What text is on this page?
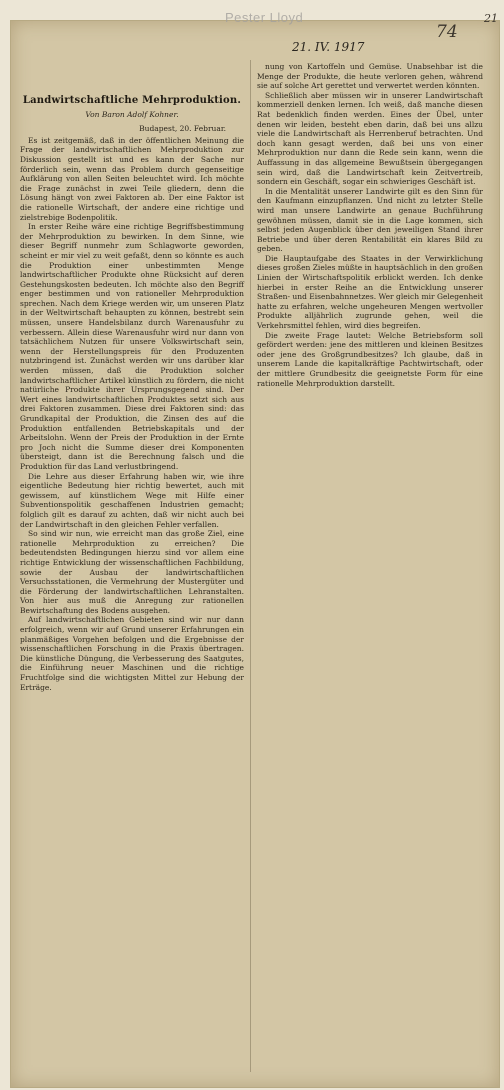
Pester Lloyd
21. IV. 1917
74
21
Landwirtschaftliche Mehrproduktion.
Von Baron Adolf Kohner.
Budapest, 20. Februar.

Es ist zeitgemäß, daß in der öffentlichen Meinung die Frage der landwirtschaftlichen Mehrproduktion zur Diskussion gestellt ist und es kann der Sache nur förderlich sein, wenn das Problem durch gegenseitige Aufklärung von allen Seiten beleuchtet wird. Ich möchte die Frage zunächst in zwei Teile gliedern, denn die Lösung hängt von zwei Faktoren ab. Der eine Faktor ist die rationelle Wirtschaft, der andere eine richtige und zielstrebige Bodenpolitik.

In erster Reihe wäre eine richtige Begriffsbestimmung der Mehrproduktion zu bewirken. In dem Sinne, wie dieser Begriff nunmehr zum Schlagworte geworden, scheint er mir viel zu weit gefaßt, denn so könnte es auch die Produktion einer unbestimmten Menge landwirtschaftlicher Produkte ohne Rücksicht auf deren Gestehungskosten bedeuten. Ich möchte also den Begriff enger bestimmen und von rationeller Mehrproduktion sprechen. Nach dem Kriege werden wir, um unseren Platz in der Weltwirtschaft behaupten zu können, bestrebt sein müssen, unsere Handelsbilanz durch Warenausfuhr zu verbessern. Allein diese Warenausfuhr wird nur dann von tatsächlichem Nutzen für unsere Volkswirtschaft sein, wenn der Herstellungspreis für den Produzenten nutzbringend ist. Zunächst werden wir uns darüber klar werden müssen, daß die Produktion solcher landwirtschaftlicher Artikel künstlich zu fördern, die nicht natürliche Produkte ihrer Ursprungsgegend sind. Der Wert eines landwirtschaftlichen Produktes setzt sich aus drei Faktoren zusammen. Diese drei Faktoren sind: das Grundkapital der Produktion, die Zinsen des auf die Produktion entfallenden Betriebskapitals und der Arbeitslohn. Wenn der Preis der Produktion in der Ernte pro Joch nicht die Summe dieser drei Komponenten übersteigt, dann ist die Berechnung falsch und die Produktion für das Land verlustbringend.

Die Lehre aus dieser Erfahrung haben wir, wie ihre eigentliche Bedeutung hier richtig bewertet, auch mit gewissem, auf künstlichem Wege mit Hilfe einer Subventionspolitik geschaffenen Industrien gemacht; folglich gilt es darauf zu achten, daß wir nicht auch bei der Landwirtschaft in den gleichen Fehler verfallen.

So sind wir nun, wie erreicht man das große Ziel, eine rationelle Mehrproduktion zu erreichen? Die bedeutendsten Bedingungen hierzu sind vor allem eine richtige Entwicklung der wissenschaftlichen Fachbildung, sowie der Ausbau der landwirtschaftlichen Versuchsstationen, die Vermehrung der Mustergüter und die Förderung der landwirtschaftlichen Lehranstalten. Von hier aus muß die Anregung zur rationellen Bewirtschaftung des Bodens ausgehen.

Auf landwirtschaftlichen Gebieten sind wir nur dann erfolgreich, wenn wir auf Grund unserer Erfahrungen ein planmäßiges Vorgehen befolgen und die Ergebnisse der wissenschaftlichen Forschung in die Praxis übertragen. Die künstliche Düngung, die Verbesserung des Saatgutes, die Einführung neuer Maschinen und die richtige Fruchtfolge sind die wichtigsten Mittel zur Hebung der Erträge.

nung von Kartoffeln und Gemüse. Unabsehbar ist die Menge der Produkte, die heute verloren gehen, während sie auf solche Art gerettet und verwertet werden könnten.

Schließlich aber müssen wir in unserer Landwirtschaft kommerziell denken lernen. Ich weiß, daß manche diesen Rat bedenklich finden werden. Eines der Übel, unter denen wir leiden, besteht eben darin, daß bei uns allzu viele die Landwirtschaft als Herrenberuf betrachten. Und doch kann gesagt werden, daß bei uns von einer Mehrproduktion nur dann die Rede sein kann, wenn die Auffassung in das allgemeine Bewußtsein übergegangen sein wird, daß die Landwirtschaft kein Zeitvertreib, sondern ein Geschäft, sogar ein schwieriges Geschäft ist.

In die Mentalität unserer Landwirte gilt es den Sinn für den Kaufmann einzupflanzen. Und nicht zu letzter Stelle wird man unsere Landwirte an genaue Buchführung gewöhnen müssen, damit sie in die Lage kommen, sich selbst jeden Augenblick über den jeweiligen Stand ihrer Betriebe und über deren Rentabilität ein klares Bild zu geben.

Die Hauptaufgabe des Staates in der Verwirklichung dieses großen Zieles müßte in hauptsächlich in den großen Linien der Wirtschaftspolitik erblickt werden. Ich denke hierbei in erster Reihe an die Entwicklung unserer Straßen- und Eisenbahnnetzes. Wer gleich mir Gelegenheit hatte zu erfahren, welche ungeheuren Mengen wertvoller Produkte alljährlich zugrunde gehen, weil die Verkehrsmittel fehlen, wird dies begreifen.

Die zweite Frage lautet: Welche Betriebsform soll gefördert werden: jene des mittleren und kleinen Besitzes oder jene des Großgrundbesitzes? Ich glaube, daß in unserem Lande die kapitalkräftige Pachtwirtschaft, oder der mittlere Grundbesitz die geeignetste Form für eine rationelle Mehrproduktion darstellt.
